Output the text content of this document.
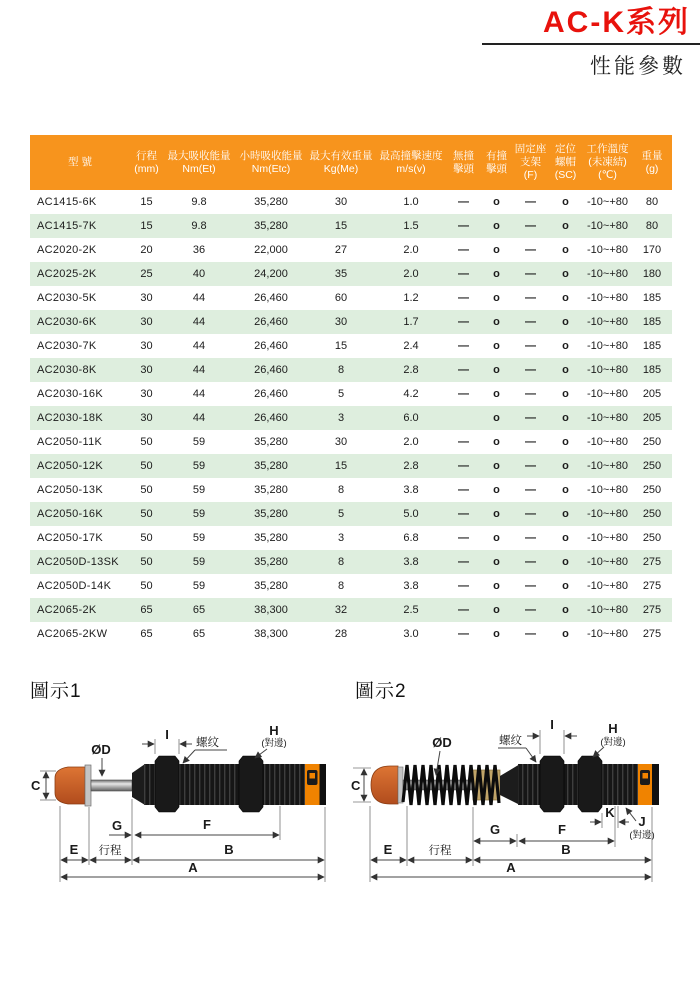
AC-K系列
性能參數
型 號

行程
(mm)

最大吸收能量
Nm(Et)

小時吸收能量
Nm(Etc)

最大有效重量
Kg(Me)

最高撞擊速度
m/s(v)

無撞
擊頭

有撞
擊頭

固定座
支架
(F)

定位
螺帽
(SC)

工作溫度
(未凍結)
(℃)

重量
(g)

AC1415-6K	15	9.8	35,280	30	1.0	—	o	—	o	-10~+80	80
AC1415-7K	15	9.8	35,280	15	1.5	—	o	—	o	-10~+80	80
AC2020-2K	20	36	22,000	27	2.0	—	o	—	o	-10~+80	170
AC2025-2K	25	40	24,200	35	2.0	—	o	—	o	-10~+80	180
AC2030-5K	30	44	26,460	60	1.2	—	o	—	o	-10~+80	185
AC2030-6K	30	44	26,460	30	1.7	—	o	—	o	-10~+80	185
AC2030-7K	30	44	26,460	15	2.4	—	o	—	o	-10~+80	185
AC2030-8K	30	44	26,460	8	2.8	—	o	—	o	-10~+80	185
AC2030-16K	30	44	26,460	5	4.2	—	o	—	o	-10~+80	205
AC2030-18K	30	44	26,460	3	6.0		o	—	o	-10~+80	205
AC2050-11K	50	59	35,280	30	2.0	—	o	—	o	-10~+80	250
AC2050-12K	50	59	35,280	15	2.8	—	o	—	o	-10~+80	250
AC2050-13K	50	59	35,280	8	3.8	—	o	—	o	-10~+80	250
AC2050-16K	50	59	35,280	5	5.0	—	o	—	o	-10~+80	250
AC2050-17K	50	59	35,280	3	6.8	—	o	—	o	-10~+80	250
AC2050D-13SK	50	59	35,280	8	3.8	—	o	—	o	-10~+80	275
AC2050D-14K	50	59	35,280	8	3.8	—	o	—	o	-10~+80	275
AC2065-2K	65	65	38,300	32	2.5	—	o	—	o	-10~+80	275
AC2065-2KW	65	65	38,300	28	3.0	—	o	—	o	-10~+80	275
圖示1	圖示2
C
ØD
I
螺纹
H
(對邊)
G	F
E 行程	B
A
C
ØD	螺纹
I	H
(對邊)
K
J
(對邊)
G	F
E	行程	B
A
